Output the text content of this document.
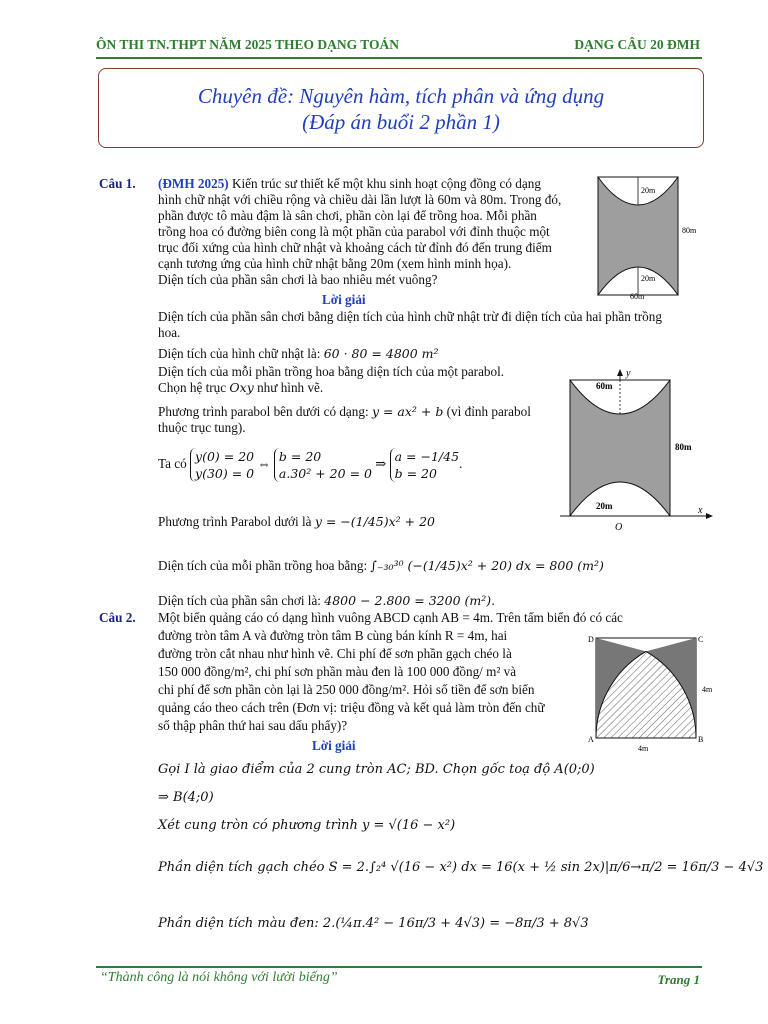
ÔN THI TN.THPT NĂM 2025 THEO DẠNG TOÁN	DẠNG CÂU 20 ĐMH
Chuyên đề: Nguyên hàm, tích phân và ứng dụng
(Đáp án buổi 2 phần 1)
Câu 1. (ĐMH 2025) Kiến trúc sư thiết kế một khu sinh hoạt cộng đồng có dạng
hình chữ nhật với chiều rộng và chiều dài lần lượt là 60m và 80m. Trong đó,
phần được tô màu đậm là sân chơi, phần còn lại để trồng hoa. Mỗi phần
trồng hoa có đường biên cong là một phần của parabol với đỉnh thuộc một
trục đối xứng của hình chữ nhật và khoảng cách từ đỉnh đó đến trung điểm
cạnh tương ứng của hình chữ nhật bằng 20m (xem hình minh họa).
Diện tích của phần sân chơi là bao nhiêu mét vuông?
20m
20m
80m
60m
Lời giải
Diện tích của phần sân chơi bằng diện tích của hình chữ nhật trừ đi diện tích của hai phần trồng
hoa.
Diện tích của hình chữ nhật là: 60 · 80 = 4800 m²
Diện tích của mỗi phần trồng hoa bằng diện tích của một parabol.
Chọn hệ trục Oxy như hình vẽ.
Phương trình parabol bên dưới có dạng: y = ax² + b (vì đỉnh parabol
thuộc trục tung).
60m
80m
20m
O
x
y
Ta có y(0) = 20
y(30) = 0 ⇔ b = 20
a.30² + 20 = 0 ⇒ a = −1/45
b = 20.
Phương trình Parabol dưới là y = −(1/45)x² + 20
Diện tích của mỗi phần trồng hoa bằng: ∫₋₃₀³⁰ (−(1/45)x² + 20) dx = 800 (m²)
Diện tích của phần sân chơi là: 4800 − 2.800 = 3200 (m²).
Câu 2. Một biển quảng cáo có dạng hình vuông ABCD cạnh AB = 4m. Trên tấm biển đó có các
đường tròn tâm A và đường tròn tâm B cùng bán kính R = 4m, hai
đường tròn cắt nhau như hình vẽ. Chi phí để sơn phần gạch chéo là
150 000 đồng/m², chi phí sơn phần màu đen là 100 000 đồng/ m² và
chi phí để sơn phần còn lại là 250 000 đồng/m². Hỏi số tiền để sơn biển
quảng cáo theo cách trên (Đơn vị: triệu đồng và kết quả làm tròn đến chữ
số thập phân thứ hai sau dấu phẩy)?
D	C
A	B
4m
4m
Lời giải
Gọi I là giao điểm của 2 cung tròn AC; BD. Chọn gốc toạ độ A(0;0)
⇒ B(4;0)
Xét cung tròn có phương trình y = √(16 − x²)
Phần diện tích gạch chéo S = 2.∫₂⁴ √(16 − x²) dx = 16(x + ½ sin 2x)|π/6→π/2 = 16π/3 − 4√3
Phần diện tích màu đen: 2.(¼π.4² − 16π/3 + 4√3) = −8π/3 + 8√3
“Thành công là nói không với lười biếng”	Trang 1
